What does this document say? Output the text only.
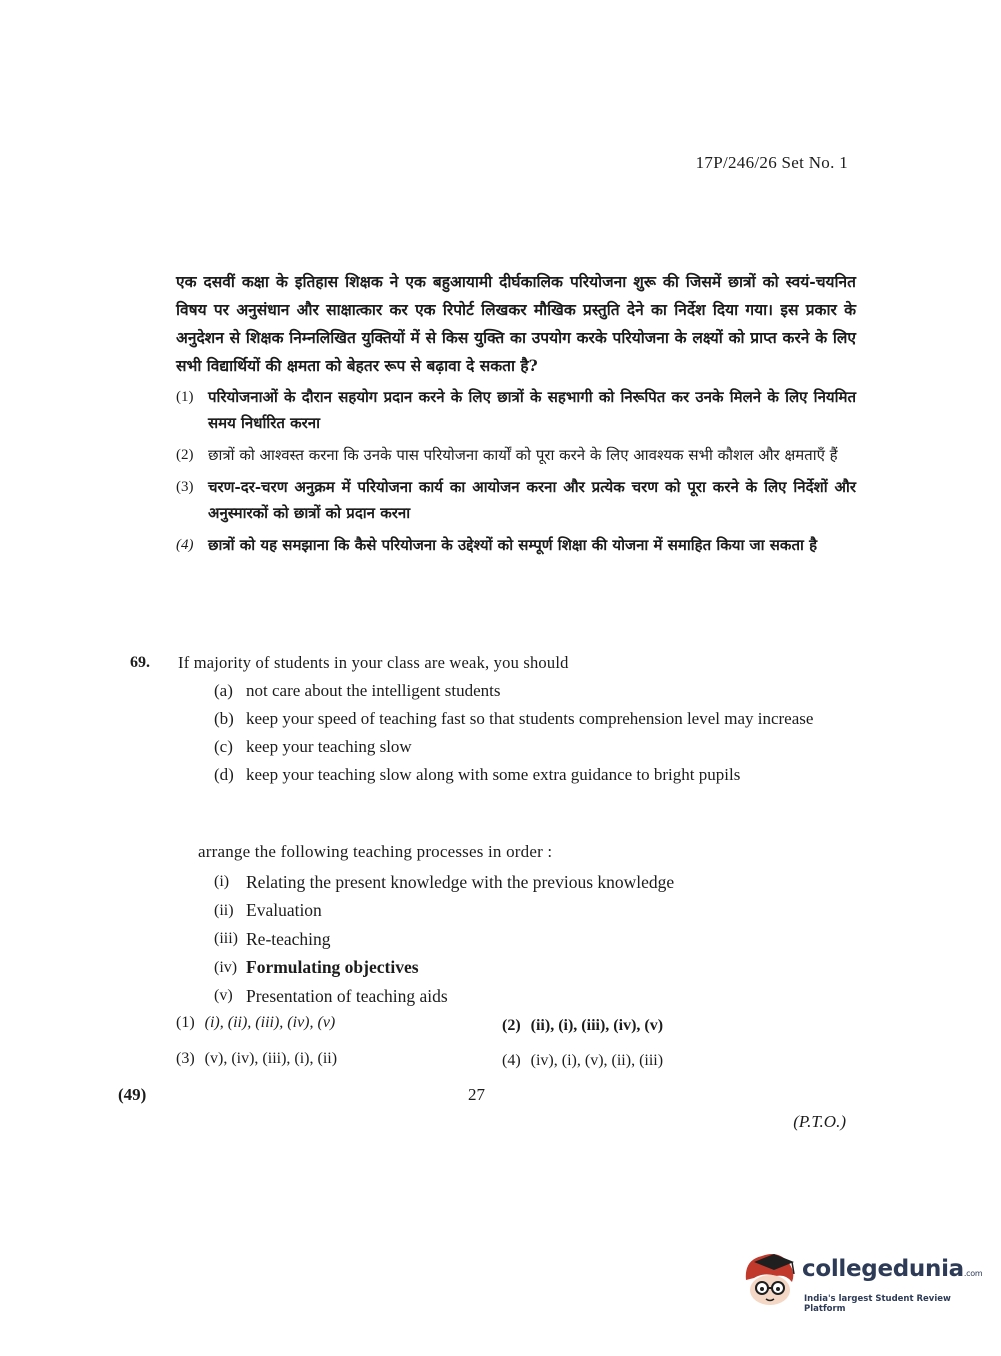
17P/246/26 Set No. 1

एक दसवीं कक्षा के इतिहास शिक्षक ने एक बहुआयामी दीर्घकालिक परियोजना शुरू की जिसमें छात्रों को स्वयं-चयनित विषय पर अनुसंधान और साक्षात्कार कर एक रिपोर्ट लिखकर मौखिक प्रस्तुति देने का निर्देश दिया गया। इस प्रकार के अनुदेशन से शिक्षक निम्नलिखित युक्तियों में से किस युक्ति का उपयोग करके परियोजना के लक्ष्यों को प्राप्त करने के लिए सभी विद्यार्थियों की क्षमता को बेहतर रूप से बढ़ावा दे सकता है?

(1) परियोजनाओं के दौरान सहयोग प्रदान करने के लिए छात्रों के सहभागी को निरूपित कर उनके मिलने के लिए नियमित समय निर्धारित करना
(2) छात्रों को आश्वस्त करना कि उनके पास परियोजना कार्यों को पूरा करने के लिए आवश्यक सभी कौशल और क्षमताएँ हैं
(3) चरण-दर-चरण अनुक्रम में परियोजना कार्य का आयोजन करना और प्रत्येक चरण को पूरा करने के लिए निर्देशों और अनुस्मारकों को छात्रों को प्रदान करना
(4) छात्रों को यह समझाना कि कैसे परियोजना के उद्देश्यों को सम्पूर्ण शिक्षा की योजना में समाहित किया जा सकता है
69.	If majority of students in your class are weak, you should
(a) not care about the intelligent students
(b) keep your speed of teaching fast so that students comprehension level may increase
(c) keep your teaching slow
(d) keep your teaching slow along with some extra guidance to bright pupils
arrange the following teaching processes in order :
(i) Relating the present knowledge with the previous knowledge
(ii) Evaluation
(iii) Re-teaching
(iv) Formulating objectives
(v) Presentation of teaching aids
(1) (i), (ii), (iii), (iv), (v)	(2) (ii), (i), (iii), (iv), (v)
(3) (v), (iv), (iii), (i), (ii)	(4) (iv), (i), (v), (ii), (iii)
(49)	27
(P.T.O.)
collegedunia.com
India's largest Student Review Platform
